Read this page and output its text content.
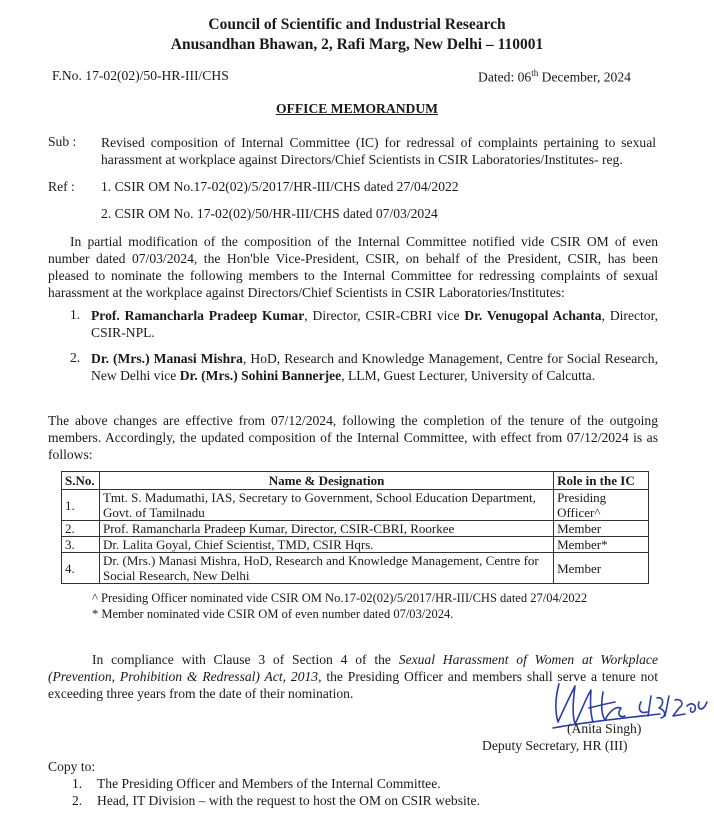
Council of Scientific and Industrial Research
Anusandhan Bhawan, 2, Rafi Marg, New Delhi – 110001
F.No. 17-02(02)/50-HR-III/CHS	Dated: 06th December, 2024
OFFICE MEMORANDUM
Sub : Revised composition of Internal Committee (IC) for redressal of complaints pertaining to sexual harassment at workplace against Directors/Chief Scientists in CSIR Laboratories/Institutes- reg.

Ref : 1. CSIR OM No.17-02(02)/5/2017/HR-III/CHS dated 27/04/2022
2. CSIR OM No. 17-02(02)/50/HR-III/CHS dated 07/03/2024

In partial modification of the composition of the Internal Committee notified vide CSIR OM of even number dated 07/03/2024, the Hon'ble Vice-President, CSIR, on behalf of the President, CSIR, has been pleased to nominate the following members to the Internal Committee for redressing complaints of sexual harassment at the workplace against Directors/Chief Scientists in CSIR Laboratories/Institutes:

1. Prof. Ramancharla Pradeep Kumar, Director, CSIR-CBRI vice Dr. Venugopal Achanta, Director, CSIR-NPL.

2. Dr. (Mrs.) Manasi Mishra, HoD, Research and Knowledge Management, Centre for Social Research, New Delhi vice Dr. (Mrs.) Sohini Bannerjee, LLM, Guest Lecturer, University of Calcutta.

The above changes are effective from 07/12/2024, following the completion of the tenure of the outgoing members. Accordingly, the updated composition of the Internal Committee, with effect from 07/12/2024 is as follows:

S.No.	Name & Designation	Role in the IC
1.	Tmt. S. Madumathi, IAS, Secretary to Government, School Education Department, Govt. of Tamilnadu	Presiding Officer^
2.	Prof. Ramancharla Pradeep Kumar, Director, CSIR-CBRI, Roorkee	Member
3.	Dr. Lalita Goyal, Chief Scientist, TMD, CSIR Hqrs.	Member*
4.	Dr. (Mrs.) Manasi Mishra, HoD, Research and Knowledge Management, Centre for Social Research, New Delhi	Member
^ Presiding Officer nominated vide CSIR OM No.17-02(02)/5/2017/HR-III/CHS dated 27/04/2022
* Member nominated vide CSIR OM of even number dated 07/03/2024.

In compliance with Clause 3 of Section 4 of the Sexual Harassment of Women at Workplace (Prevention, Prohibition & Redressal) Act, 2013, the Presiding Officer and members shall serve a tenure not exceeding three years from the date of their nomination.

(Anita Singh)
Deputy Secretary, HR (III)
Copy to:
1. The Presiding Officer and Members of the Internal Committee.
2. Head, IT Division – with the request to host the OM on CSIR website.
